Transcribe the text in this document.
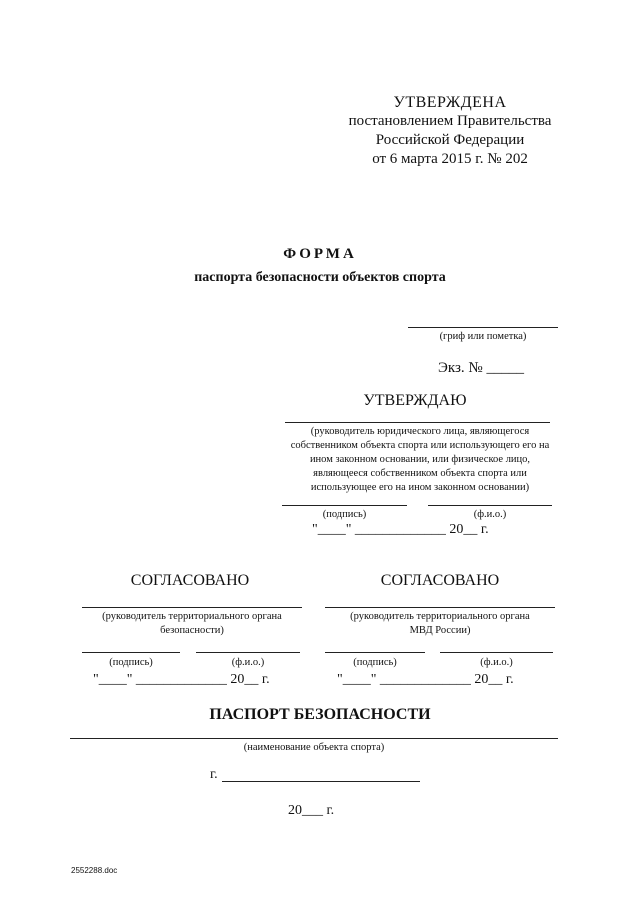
УТВЕРЖДЕНА
постановлением Правительства
Российской Федерации
от 6 марта 2015 г. № 202
ФОРМА
паспорта безопасности объектов спорта
(гриф или пометка)
Экз. № _____
УТВЕРЖДАЮ
(руководитель юридического лица, являющегося
собственником объекта спорта или использующего его на
ином законном основании, или физическое лицо,
являющееся собственником объекта спорта или
использующее его на ином законном основании)
(подпись)	(ф.и.о.)
"____" _____________ 20__ г.
СОГЛАСОВАНО
(руководитель территориального органа
безопасности)
(подпись)	(ф.и.о.)
"____" _____________ 20__ г.
СОГЛАСОВАНО
(руководитель территориального органа
МВД России)
(подпись)	(ф.и.о.)
"____" _____________ 20__ г.
ПАСПОРТ БЕЗОПАСНОСТИ
(наименование объекта спорта)
г.
20___ г.
2552288.doc
